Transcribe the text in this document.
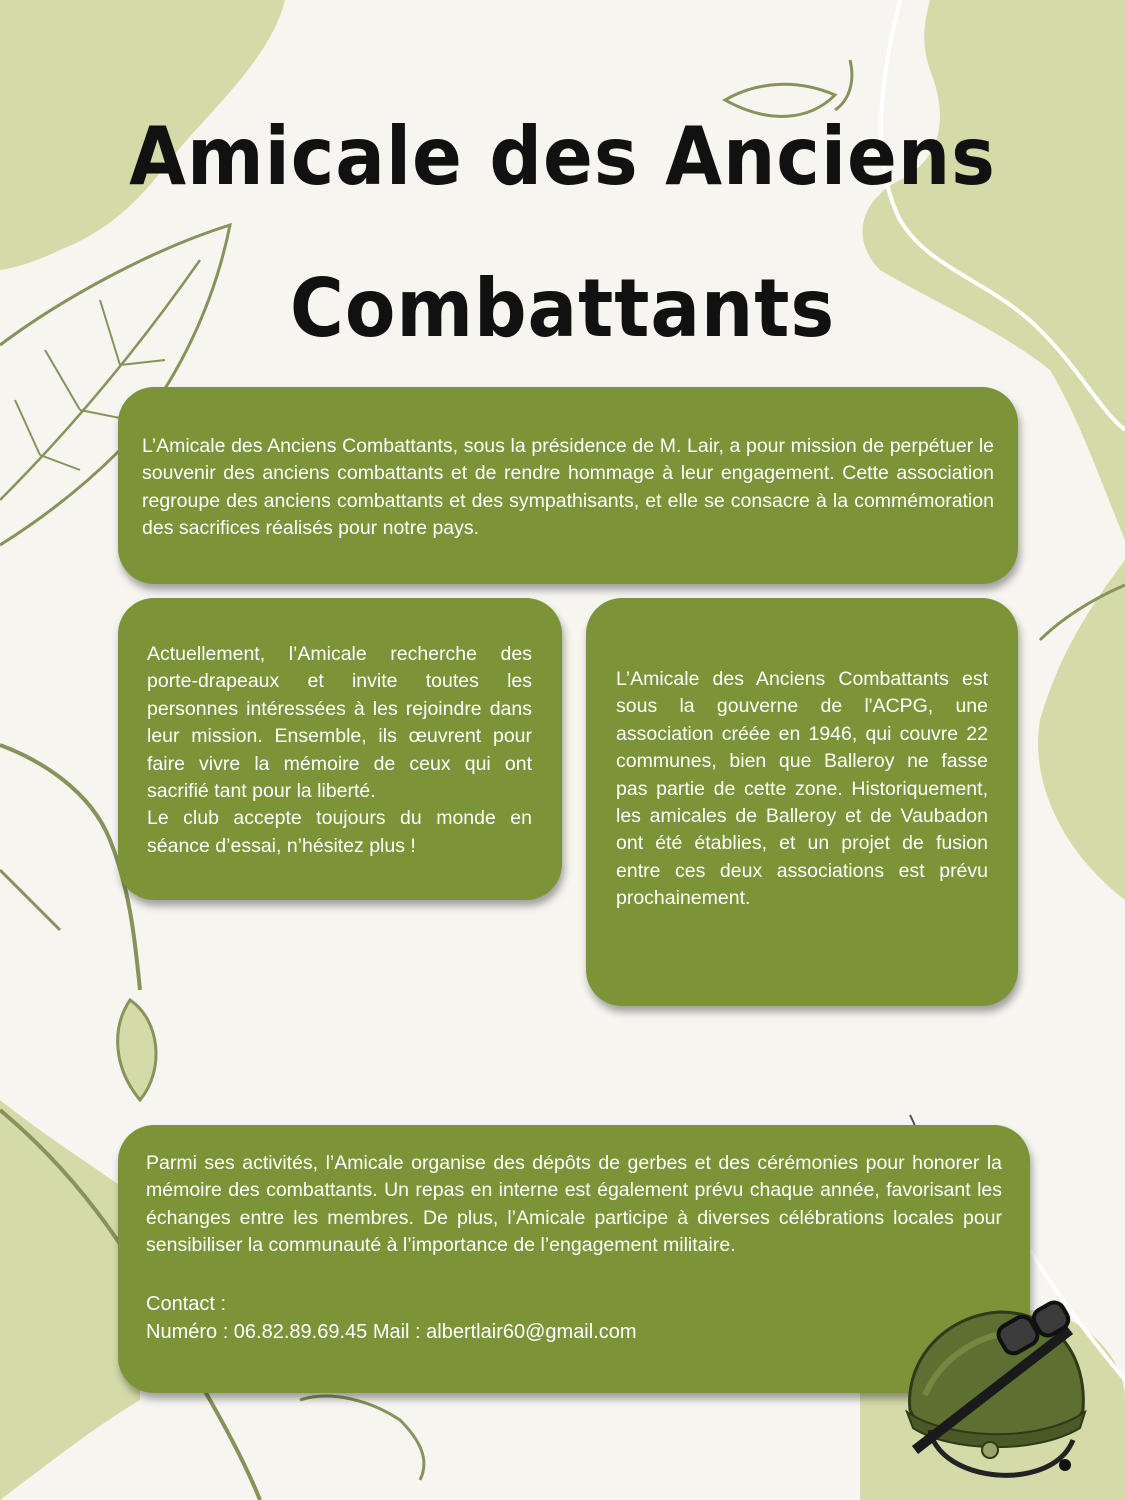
Amicale des Anciens
Combattants

L’Amicale des Anciens Combattants, sous la présidence de M. Lair, a pour mission de perpétuer le souvenir des anciens combattants et de rendre hommage à leur engagement. Cette association regroupe des anciens combattants et des sympathisants, et elle se consacre à la commémoration des sacrifices réalisés pour notre pays.

Actuellement, l’Amicale recherche des porte-drapeaux et invite toutes les personnes intéressées à les rejoindre dans leur mission. Ensemble, ils œuvrent pour faire vivre la mémoire de ceux qui ont sacrifié tant pour la liberté.

Le club accepte toujours du monde en séance d’essai, n’hésitez plus !

L’Amicale des Anciens Combattants est sous la gouverne de l'ACPG, une association créée en 1946, qui couvre 22 communes, bien que Balleroy ne fasse pas partie de cette zone. Historiquement, les amicales de Balleroy et de Vaubadon ont été établies, et un projet de fusion entre ces deux associations est prévu prochainement.

Parmi ses activités, l’Amicale organise des dépôts de gerbes et des cérémonies pour honorer la mémoire des combattants. Un repas en interne est également prévu chaque année, favorisant les échanges entre les membres. De plus, l’Amicale participe à diverses célébrations locales pour sensibiliser la communauté à l’importance de l’engagement militaire.

Contact :
Numéro : 06.82.89.69.45 Mail : albertlair60@gmail.com
